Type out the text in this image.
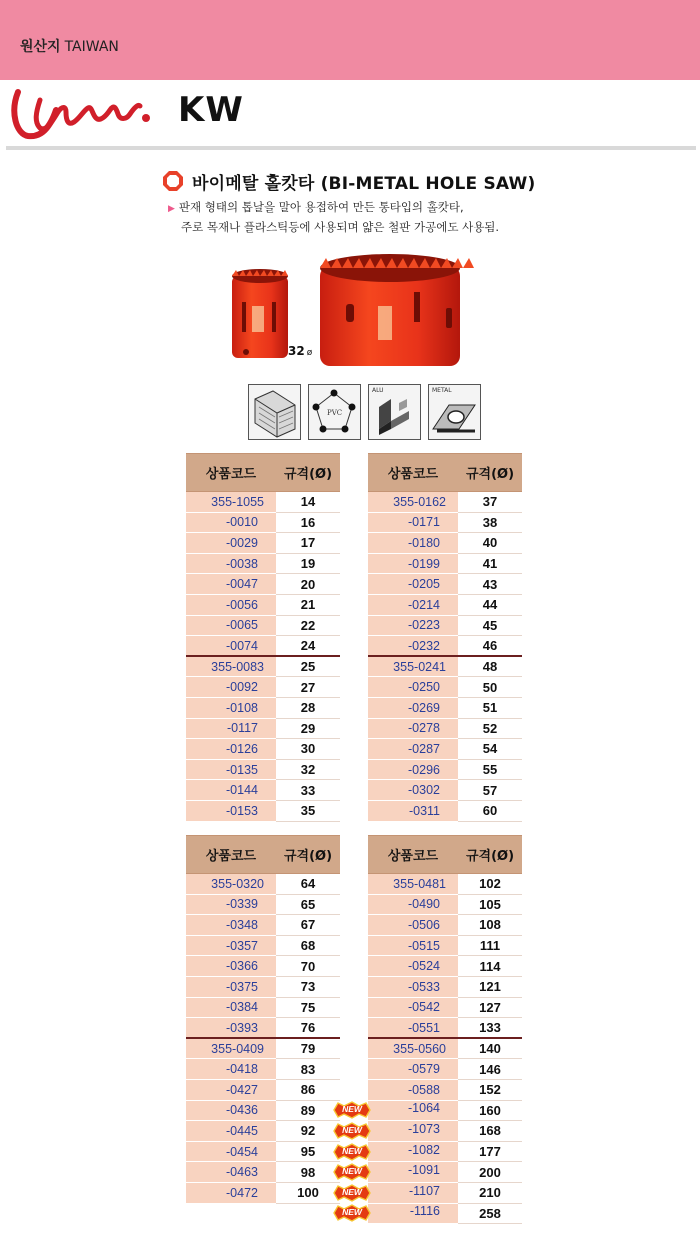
원산지 TAIWAN
KW
바이메탈 홀캇타 (BI-METAL HOLE SAW)
▶ 판재 형태의 톱날을 말아 용접하여 만든 통타입의 홀캇타,
주로 목재나 플라스틱등에 사용되며 얇은 철판 가공에도 사용됨.
32 ø
PVC
ALU	METAL
상품코드	규격(Ø)
355-1055	14
-0010	16
-0029	17
-0038	19
-0047	20
-0056	21
-0065	22
-0074	24
355-0083	25
-0092	27
-0108	28
-0117	29
-0126	30
-0135	32
-0144	33
-0153	35
상품코드	규격(Ø)
355-0162	37
-0171	38
-0180	40
-0199	41
-0205	43
-0214	44
-0223	45
-0232	46
355-0241	48
-0250	50
-0269	51
-0278	52
-0287	54
-0296	55
-0302	57
-0311	60
상품코드	규격(Ø)
355-0320	64
-0339	65
-0348	67
-0357	68
-0366	70
-0375	73
-0384	75
-0393	76
355-0409	79
-0418	83
-0427	86
-0436	89
-0445	92
-0454	95
-0463	98
-0472	100
상품코드	규격(Ø)
355-0481	102
-0490	105
-0506	108
-0515	111
-0524	114
-0533	121
-0542	127
-0551	133
355-0560	140
-0579	146
-0588	152

NEW -1064	160

NEW -1073	168

NEW -1082	177

NEW -1091	200

NEW -1107	210

NEW -1116	258
